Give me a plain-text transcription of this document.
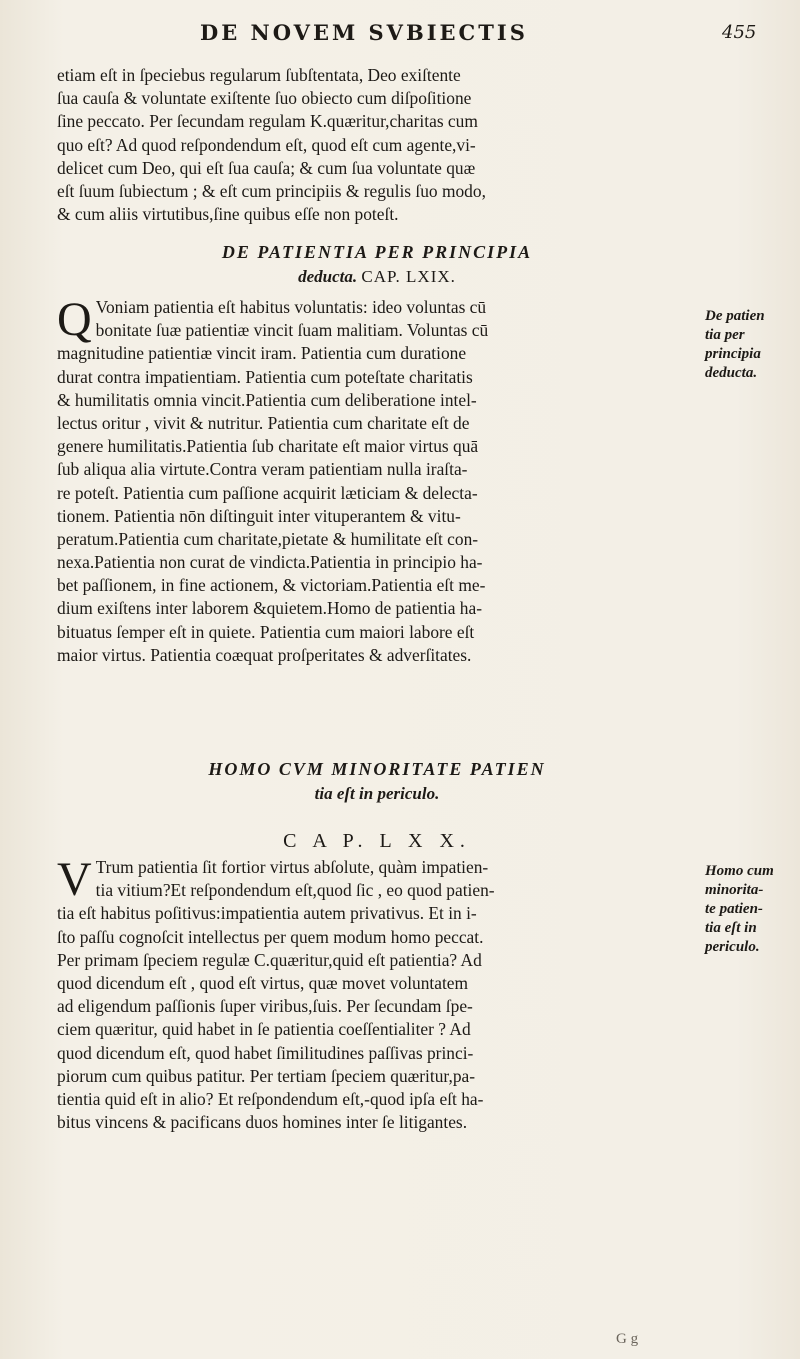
DE NOVEM SVBIECTIS	455
etiam eſt in ſpeciebus regularum ſubſtentata, Deo exiſtente
ſua cauſa & voluntate exiſtente ſuo obiecto cum diſpoſitione
ſine peccato. Per ſecundam regulam K.quæritur,charitas cum
quo eſt? Ad quod reſpondendum eſt, quod eſt cum agente,vi-
delicet cum Deo, qui eſt ſua cauſa; & cum ſua voluntate quæ
eſt ſuum ſubiectum ; & eſt cum principiis & regulis ſuo modo,
& cum aliis virtutibus,ſine quibus eſſe non poteſt.
DE PATIENTIA PER PRINCIPIA
deducta. CAP. LXIX.
Q Voniam patientia eſt habitus voluntatis: ideo voluntas cū
bonitate ſuæ patientiæ vincit ſuam malitiam. Voluntas cū
magnitudine patientiæ vincit iram. Patientia cum duratione
durat contra impatientiam. Patientia cum poteſtate charitatis
& humilitatis omnia vincit.Patientia cum deliberatione intel-
lectus oritur , vivit & nutritur. Patientia cum charitate eſt de
genere humilitatis.Patientia ſub charitate eſt maior virtus quā
ſub aliqua alia virtute.Contra veram patientiam nulla iraſta-
re poteſt. Patientia cum paſſione acquirit læticiam & delecta-
tionem. Patientia nōn diſtinguit inter vituperantem & vitu-
peratum.Patientia cum charitate,pietate & humilitate eſt con-
nexa.Patientia non curat de vindicta.Patientia in principio ha-
bet paſſionem, in fine actionem, & victoriam.Patientia eſt me-
dium exiſtens inter laborem &quietem.Homo de patientia ha-
bituatus ſemper eſt in quiete. Patientia cum maiori labore eſt
maior virtus. Patientia coæquat proſperitates & adverſitates.
De patien
tia per
principia
deducta.
HOMO CVM MINORITATE PATIEN
tia eſt in periculo.
C A P. L X X.
V Trum patientia ſit fortior virtus abſolute, quàm impatien-
tia vitium?Et reſpondendum eſt,quod ſic , eo quod patien-
tia eſt habitus poſitivus:impatientia autem privativus. Et in i-
ſto paſſu cognoſcit intellectus per quem modum homo peccat.
Per primam ſpeciem regulæ C.quæritur,quid eſt patientia? Ad
quod dicendum eſt , quod eſt virtus, quæ movet voluntatem
ad eligendum paſſionis ſuper viribus,ſuis. Per ſecundam ſpe-
ciem quæritur, quid habet in ſe patientia coeſſentialiter ? Ad
quod dicendum eſt, quod habet ſimilitudines paſſivas princi-
piorum cum quibus patitur. Per tertiam ſpeciem quæritur,pa-
tientia quid eſt in alio? Et reſpondendum eſt,-quod ipſa eſt ha-
bitus vincens & pacificans duos homines inter ſe litigantes.
Homo cum
minorita-
te patien-
tia eſt in
periculo.
G g
